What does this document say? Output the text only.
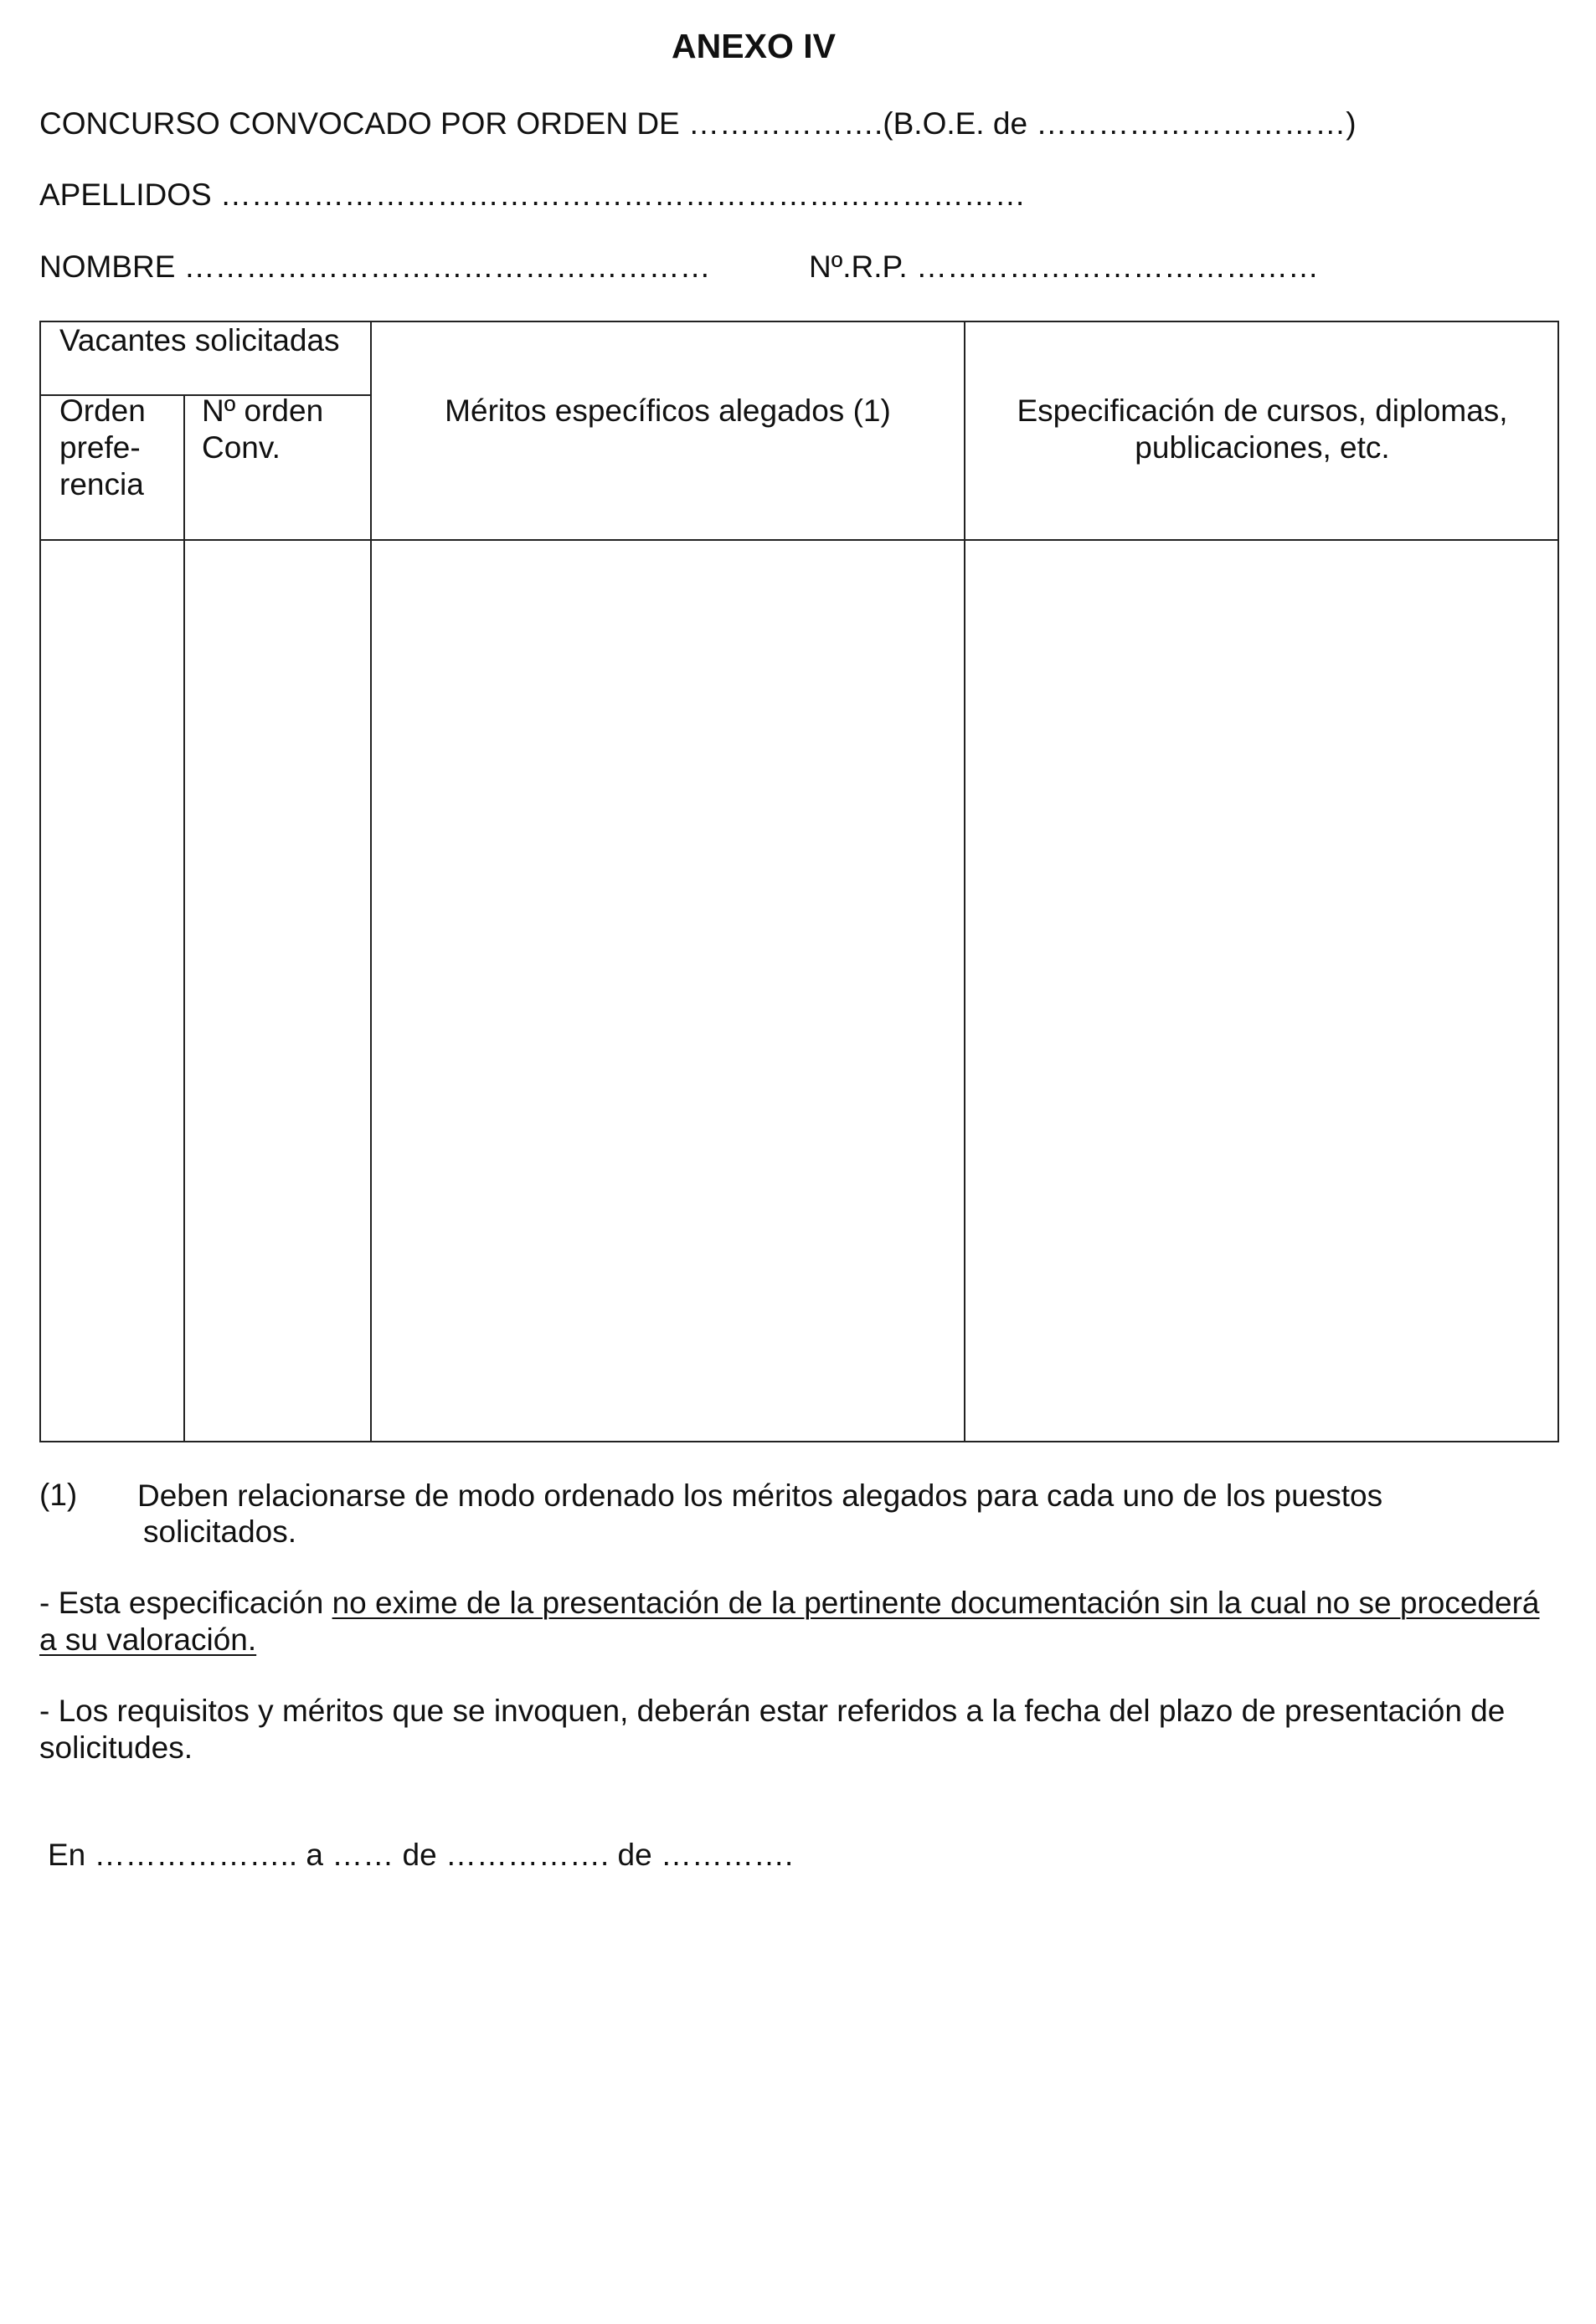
ANEXO IV
CONCURSO CONVOCADO POR ORDEN DE ……………….(B.O.E. de …………………………)
APELLIDOS ……………………………………………………………………
NOMBRE ……………………………………………	Nº.R.P. …………………………………
Vacantes solicitadas
Orden
prefe-
rencia
Nº orden
Conv.
Méritos específicos alegados (1)	Especificación de cursos, diplomas, publicaciones, etc.
(1) Deben relacionarse de modo ordenado los méritos alegados para cada uno de los puestos
solicitados.
- Esta especificación no exime de la presentación de la pertinente documentación sin la cual no se procederá
a su valoración.
- Los requisitos y méritos que se invoquen, deberán estar referidos a la fecha del plazo de presentación de
solicitudes.
En ……………….. a …… de ……………. de ………….
